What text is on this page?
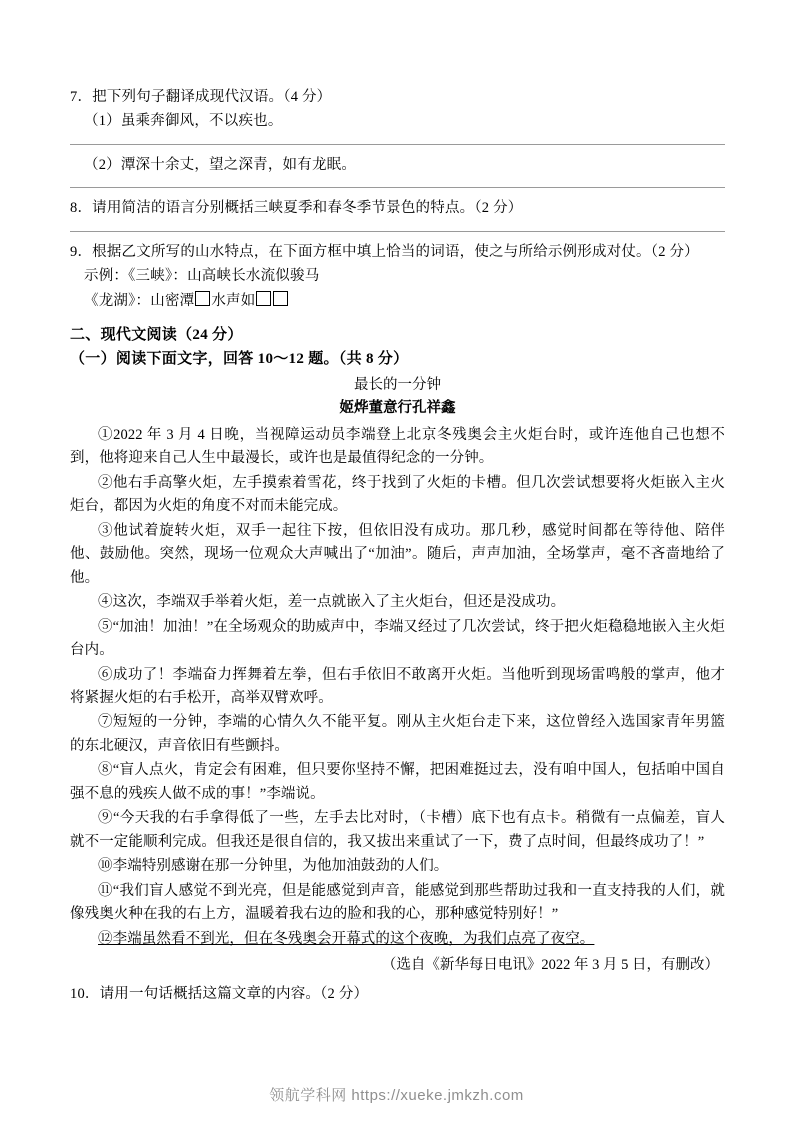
7．把下列句子翻译成现代汉语。（4 分）
（1）虽乘奔御风，不以疾也。
（2）潭深十余丈，望之深青，如有龙眠。
8．请用简洁的语言分别概括三峡夏季和春冬季节景色的特点。（2 分）
9．根据乙文所写的山水特点，在下面方框中填上恰当的词语，使之与所给示例形成对仗。（2 分）
示例：《三峡》：山高峡长水流似骏马
《龙湖》：山密潭 水声如
二、现代文阅读（24 分）
（一）阅读下面文字，回答 10～12 题。（共 8 分）
最长的一分钟
姬烨董意行孔祥鑫
①2022 年 3 月 4 日晚，当视障运动员李端登上北京冬残奥会主火炬台时，或许连他自己也想不到，他将迎来自己人生中最漫长，或许也是最值得纪念的一分钟。
②他右手高擎火炬，左手摸索着雪花，终于找到了火炬的卡槽。但几次尝试想要将火炬嵌入主火炬台，都因为火炬的角度不对而未能完成。
③他试着旋转火炬，双手一起往下按，但依旧没有成功。那几秒，感觉时间都在等待他、陪伴他、鼓励他。突然，现场一位观众大声喊出了“加油”。随后，声声加油，全场掌声，毫不吝啬地给了他。
④这次，李端双手举着火炬，差一点就嵌入了主火炬台，但还是没成功。
⑤“加油！加油！”在全场观众的助威声中，李端又经过了几次尝试，终于把火炬稳稳地嵌入主火炬台内。
⑥成功了！李端奋力挥舞着左拳，但右手依旧不敢离开火炬。当他听到现场雷鸣般的掌声，他才将紧握火炬的右手松开，高举双臂欢呼。
⑦短短的一分钟，李端的心情久久不能平复。刚从主火炬台走下来，这位曾经入选国家青年男篮的东北硬汉，声音依旧有些颤抖。
⑧“盲人点火，肯定会有困难，但只要你坚持不懈，把困难挺过去，没有咱中国人，包括咱中国自强不息的残疾人做不成的事！”李端说。
⑨“今天我的右手拿得低了一些，左手去比对时，（卡槽）底下也有点卡。稍微有一点偏差，盲人就不一定能顺利完成。但我还是很自信的，我又拔出来重试了一下，费了点时间，但最终成功了！”
⑩李端特别感谢在那一分钟里，为他加油鼓劲的人们。
⑪“我们盲人感觉不到光亮，但是能感觉到声音，能感觉到那些帮助过我和一直支持我的人们，就像残奥火种在我的右上方，温暖着我右边的脸和我的心，那种感觉特别好！”
⑫李端虽然看不到光，但在冬残奥会开幕式的这个夜晚，为我们点亮了夜空。
（选自《新华每日电讯》2022 年 3 月 5 日，有删改）
10．请用一句话概括这篇文章的内容。（2 分）
领航学科网 https://xueke.jmkzh.com
